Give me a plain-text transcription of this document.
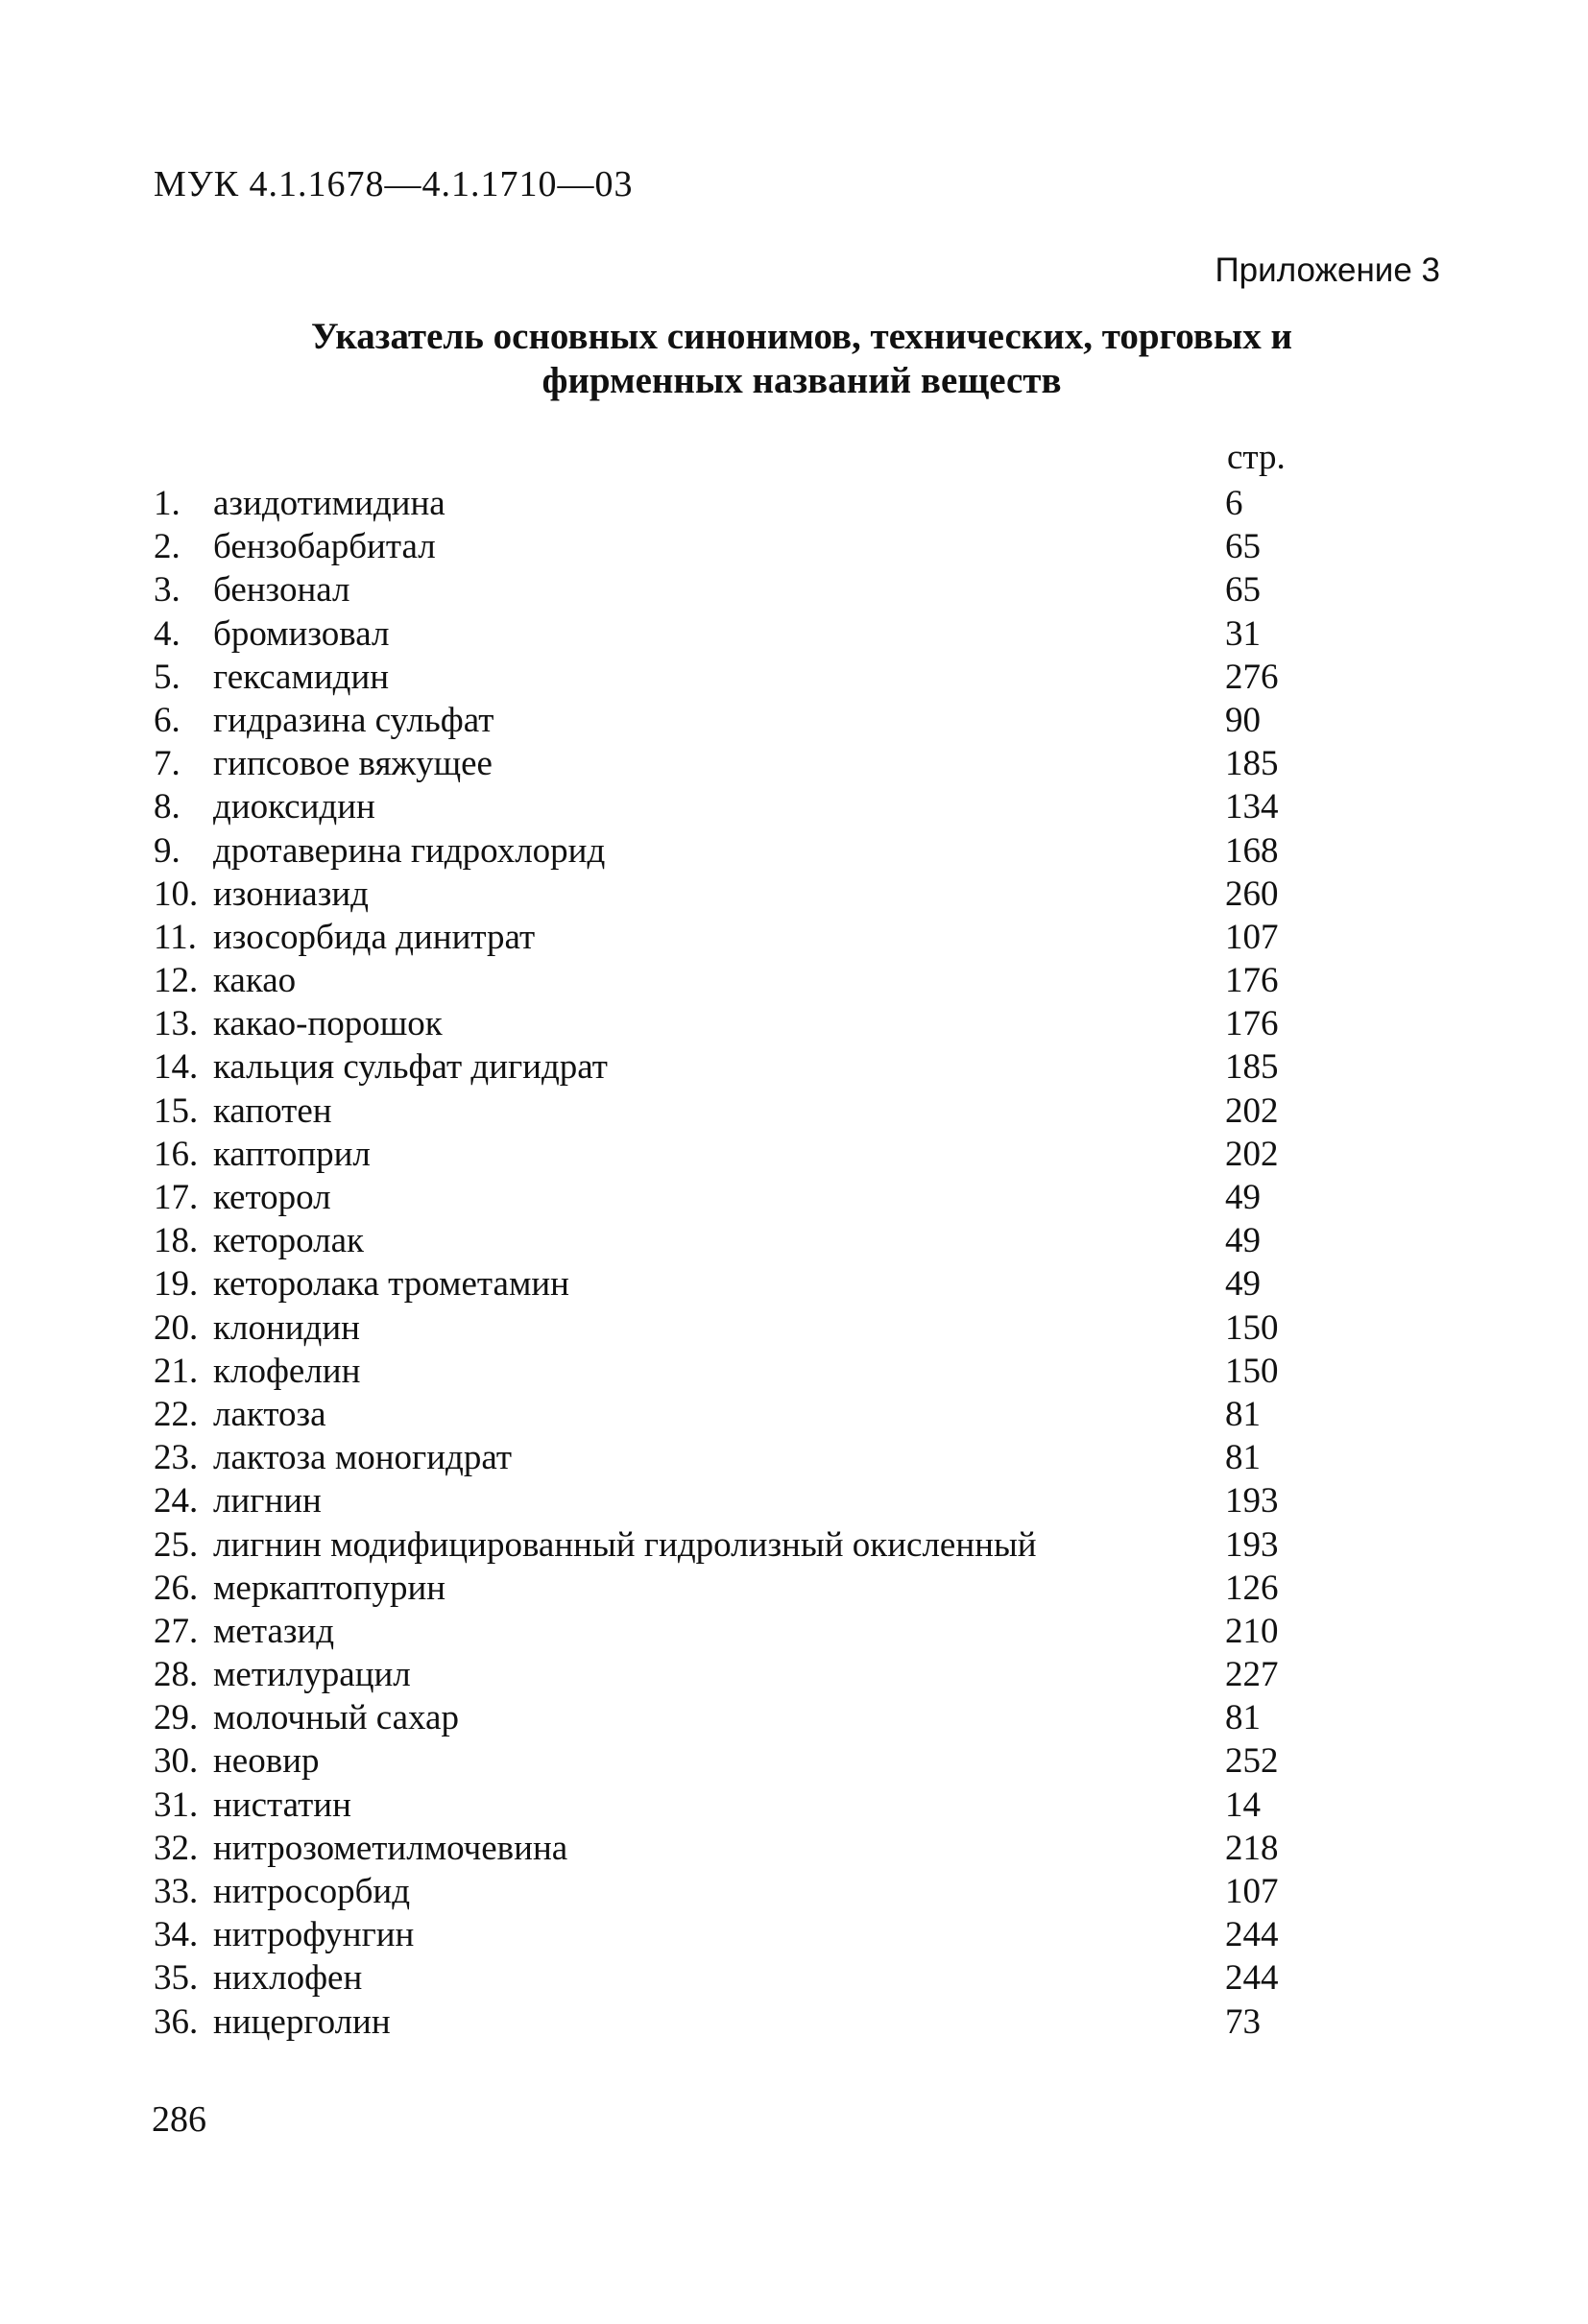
МУК 4.1.1678—4.1.1710—03
Приложение 3
Указатель основных синонимов, технических, торговых и
фирменных названий веществ
стр.
1. азидотимидина	6
2. бензобарбитал	65
3. бензонал	65
4. бромизовал	31
5. гексамидин	276
6. гидразина сульфат	90
7. гипсовое вяжущее	185
8. диоксидин	134
9. дротаверина гидрохлорид	168
10. изониазид	260
11. изосорбида динитрат	107
12. какао	176
13. какао-порошок	176
14. кальция сульфат дигидрат	185
15. капотен	202
16. каптоприл	202
17. кеторол	49
18. кеторолак	49
19. кеторолака трометамин	49
20. клонидин	150
21. клофелин	150
22. лактоза	81
23. лактоза моногидрат	81
24. лигнин	193
25. лигнин модифицированный гидролизный окисленный	193
26. меркаптопурин	126
27. метазид	210
28. метилурацил	227
29. молочный сахар	81
30. неовир	252
31. нистатин	14
32. нитрозометилмочевина	218
33. нитросорбид	107
34. нитрофунгин	244
35. нихлофен	244
36. ницерголин	73
286
